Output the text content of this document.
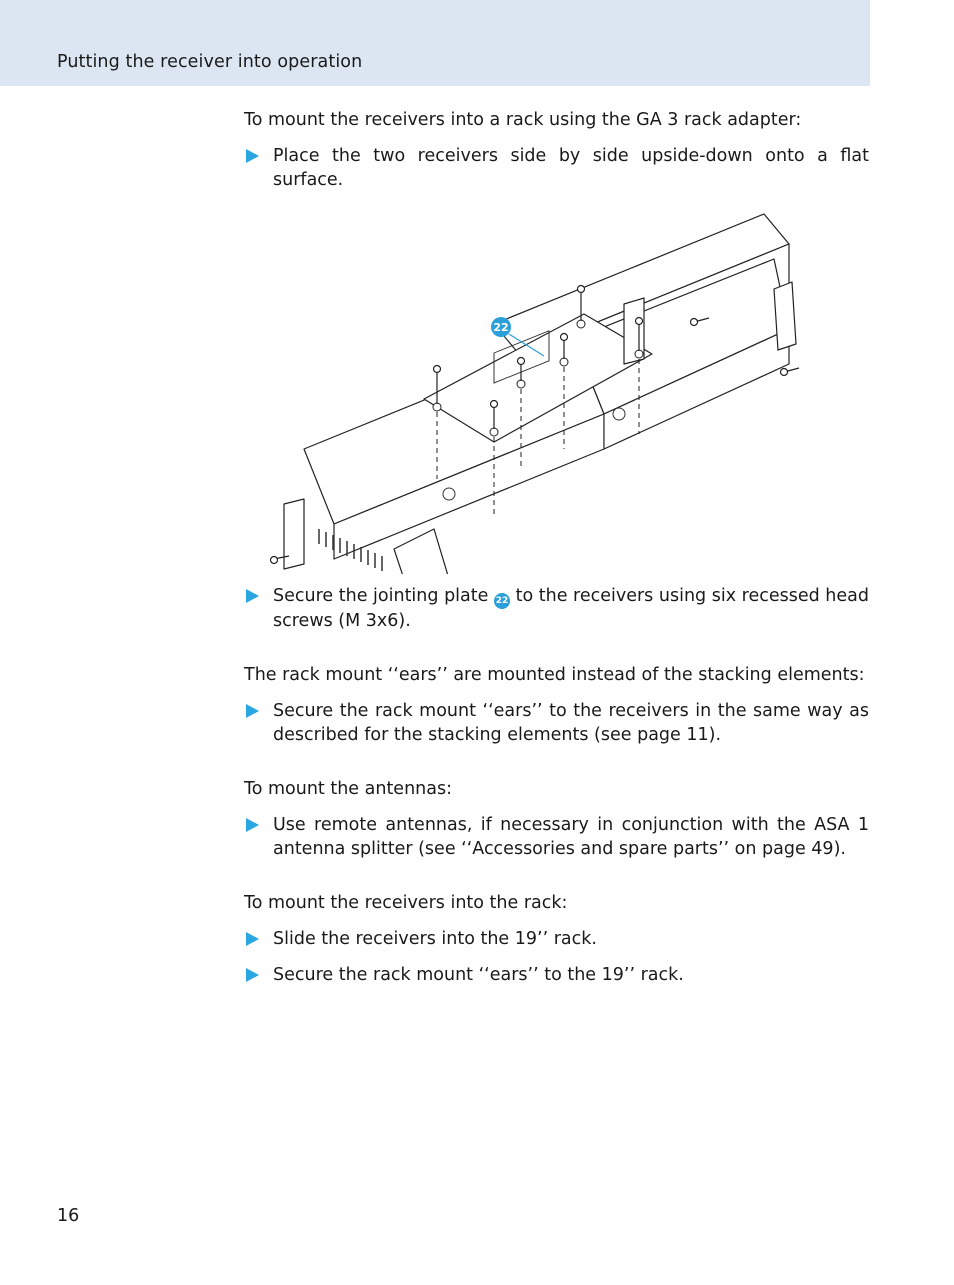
Putting the receiver into operation

To mount the receivers into a rack using the GA 3 rack adapter:

Place the two receivers side by side upside-down onto a flat surface.
22
Secure the jointing plate 22 to the receivers using six recessed head screws (M 3x6).

The rack mount ‘‘ears’’ are mounted instead of the stacking elements:

Secure the rack mount ‘‘ears’’ to the receivers in the same way as described for the stacking elements (see page 11).

To mount the antennas:

Use remote antennas, if necessary in conjunction with the ASA 1 antenna splitter (see ‘‘Accessories and spare parts’’ on page 49).

To mount the receivers into the rack:

Slide the receivers into the 19’’ rack.
Secure the rack mount ‘‘ears’’ to the 19’’ rack.
16
